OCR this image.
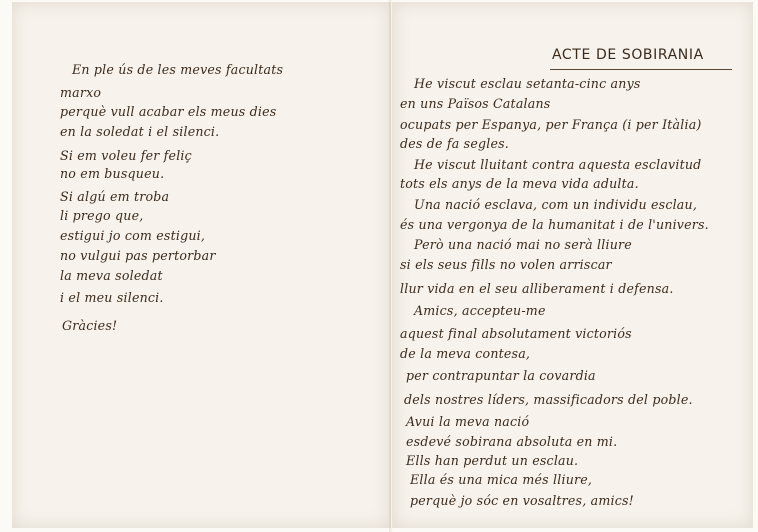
ACTE DE SOBIRANIA
En ple ús de les meves facultats
marxo
perquè vull acabar els meus dies
en la soledat i el silenci.
Si em voleu fer feliç
no em busqueu.
Si algú em troba
li prego que,
estigui jo com estigui,
no vulgui pas pertorbar
la meva soledat
i el meu silenci.
Gràcies!
He viscut esclau setanta-cinc anys
en uns Països Catalans
ocupats per Espanya, per França (i per Itàlia)
des de fa segles.
He viscut lluitant contra aquesta esclavitud
tots els anys de la meva vida adulta.
Una nació esclava, com un individu esclau,
és una vergonya de la humanitat i de l'univers.
Però una nació mai no serà lliure
si els seus fills no volen arriscar
llur vida en el seu alliberament i defensa.
Amics, accepteu-me
aquest final absolutament victoriós
de la meva contesa,
per contrapuntar la covardia
dels nostres líders, massificadors del poble.
Avui la meva nació
esdevé sobirana absoluta en mi.
Ells han perdut un esclau.
Ella és una mica més lliure,
perquè jo sóc en vosaltres, amics!
